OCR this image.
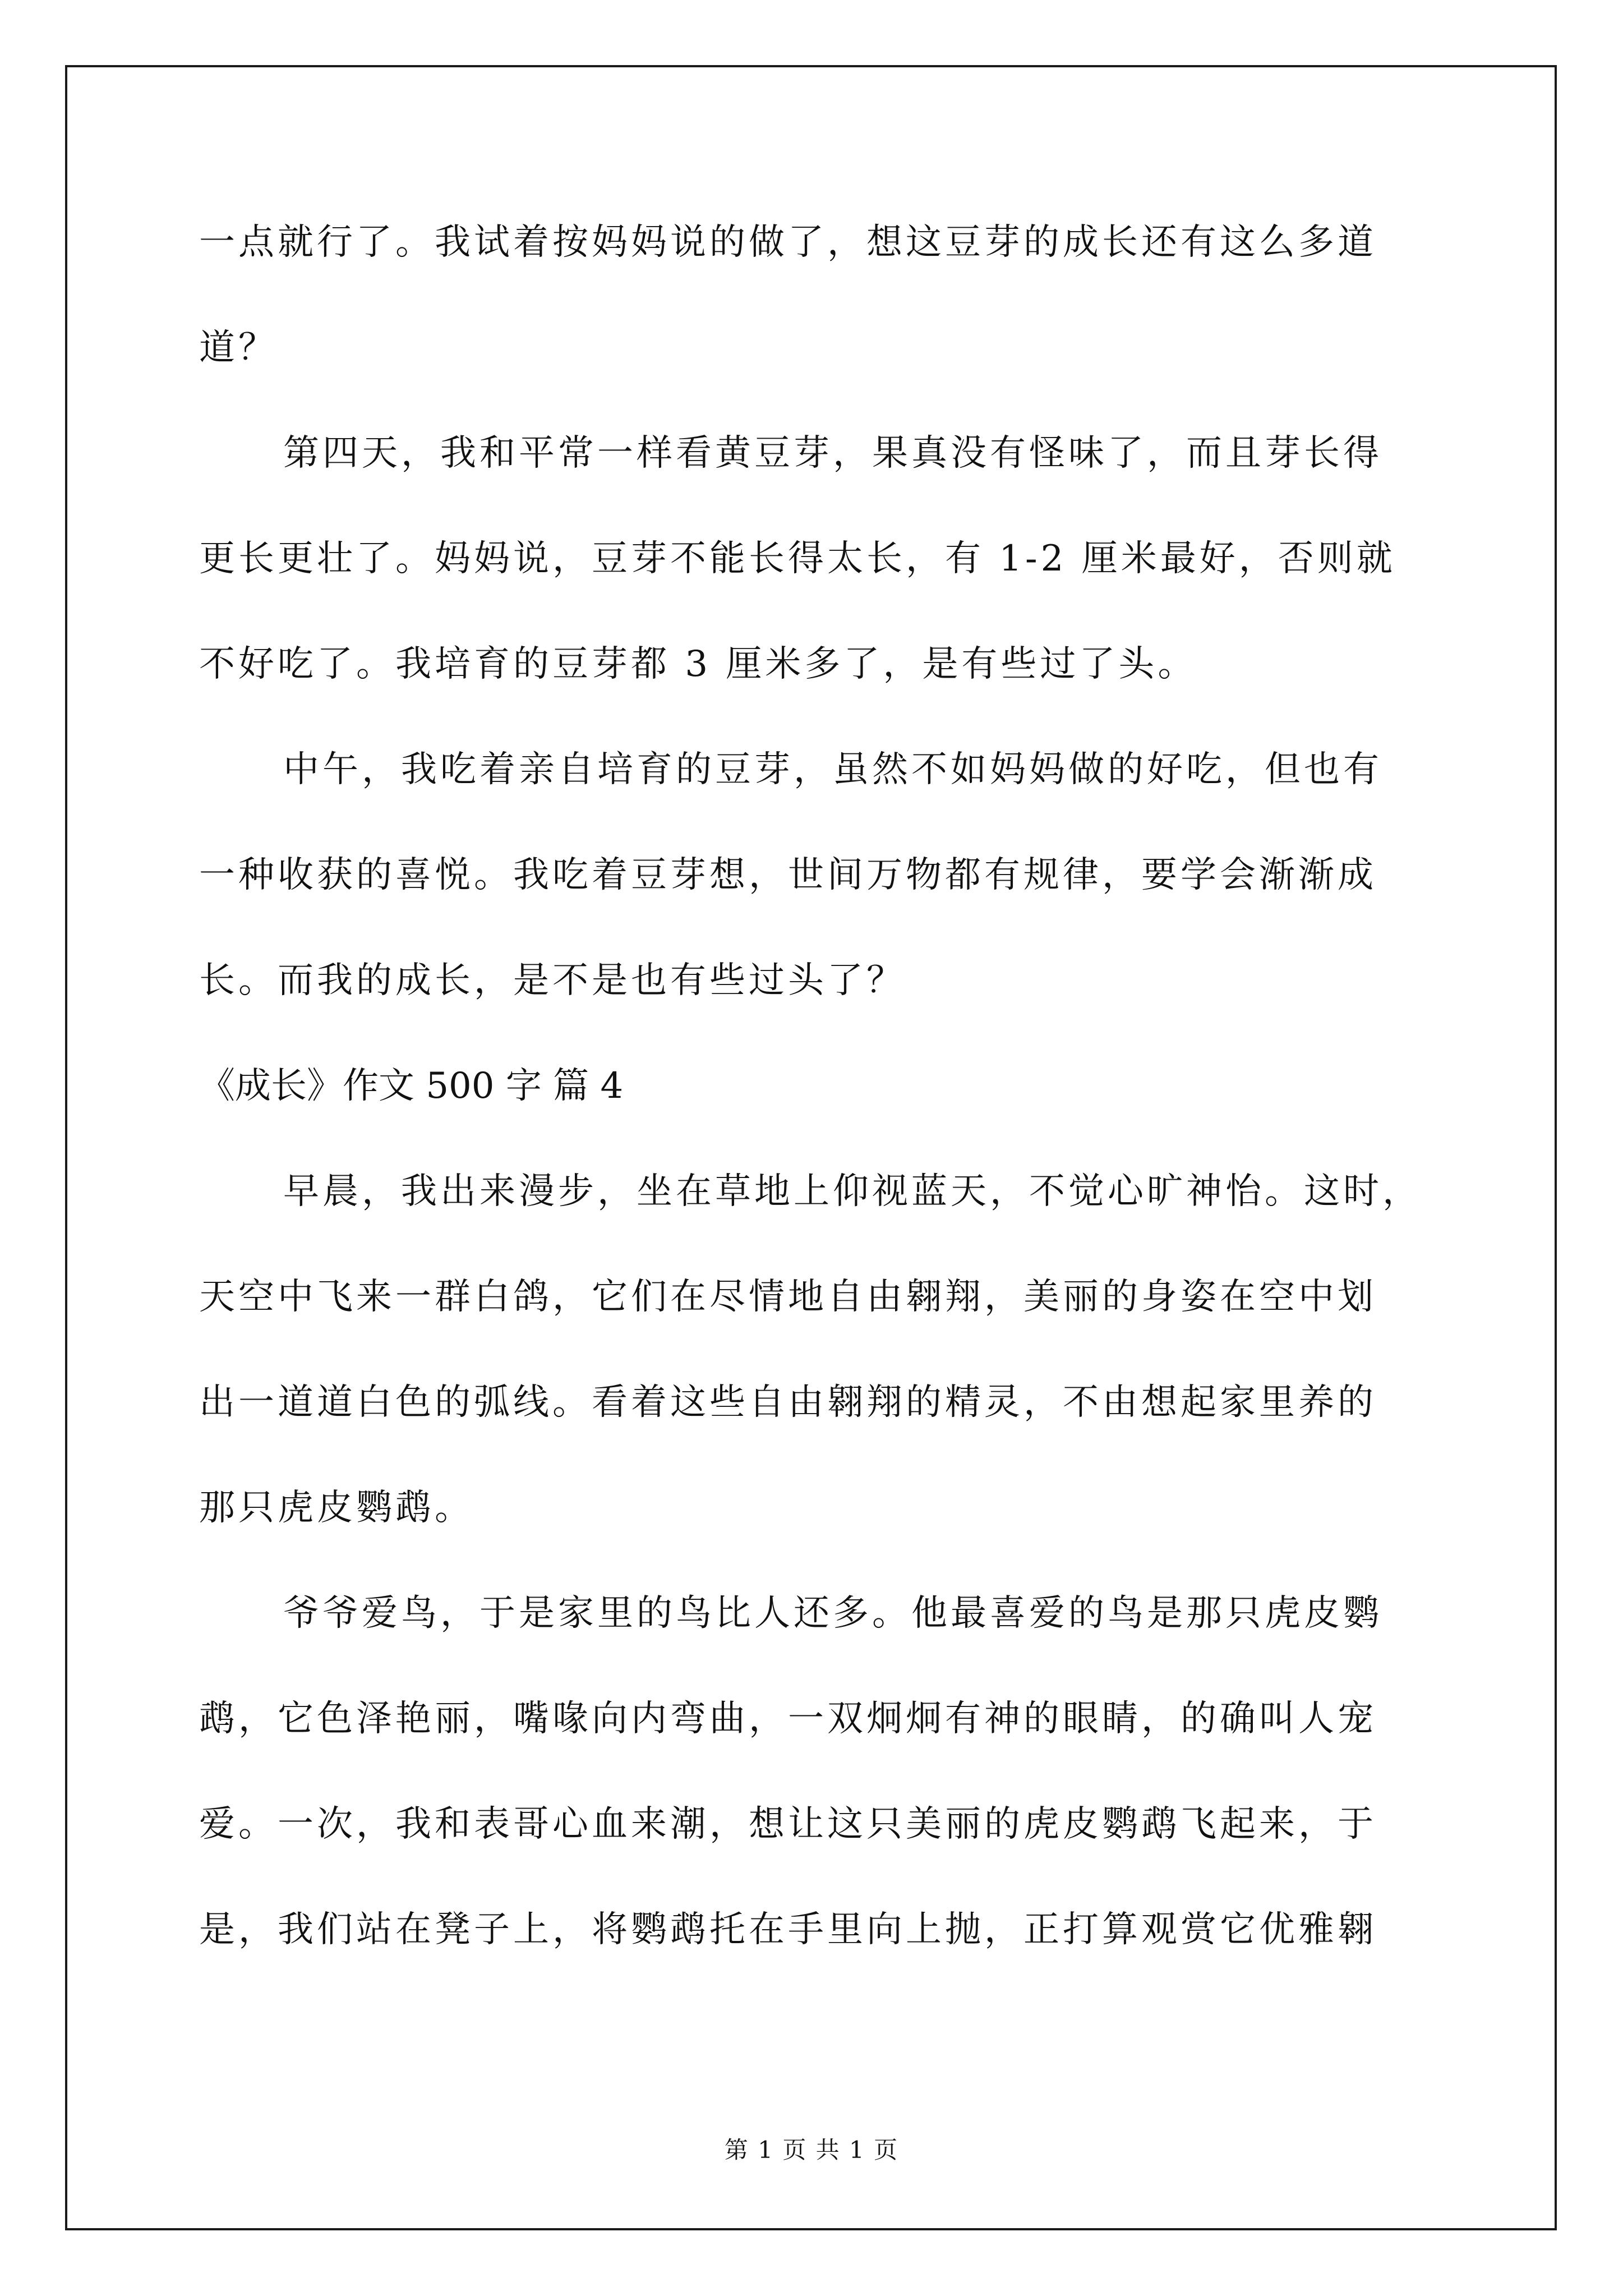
一点就行了。我试着按妈妈说的做了，想这豆芽的成长还有这么多道
道？
第四天，我和平常一样看黄豆芽，果真没有怪味了，而且芽长得
更长更壮了。妈妈说，豆芽不能长得太长，有 1-2 厘米最好，否则就
不好吃了。我培育的豆芽都 3 厘米多了，是有些过了头。
中午，我吃着亲自培育的豆芽，虽然不如妈妈做的好吃，但也有
一种收获的喜悦。我吃着豆芽想，世间万物都有规律，要学会渐渐成
长。而我的成长，是不是也有些过头了？
《成长》作文 500 字 篇 4
早晨，我出来漫步，坐在草地上仰视蓝天，不觉心旷神怡。这时，
天空中飞来一群白鸽，它们在尽情地自由翱翔，美丽的身姿在空中划
出一道道白色的弧线。看着这些自由翱翔的精灵，不由想起家里养的
那只虎皮鹦鹉。
爷爷爱鸟，于是家里的鸟比人还多。他最喜爱的鸟是那只虎皮鹦
鹉，它色泽艳丽，嘴喙向内弯曲，一双炯炯有神的眼睛，的确叫人宠
爱。一次，我和表哥心血来潮，想让这只美丽的虎皮鹦鹉飞起来，于
是，我们站在凳子上，将鹦鹉托在手里向上抛，正打算观赏它优雅翱
第 1 页 共 1 页
